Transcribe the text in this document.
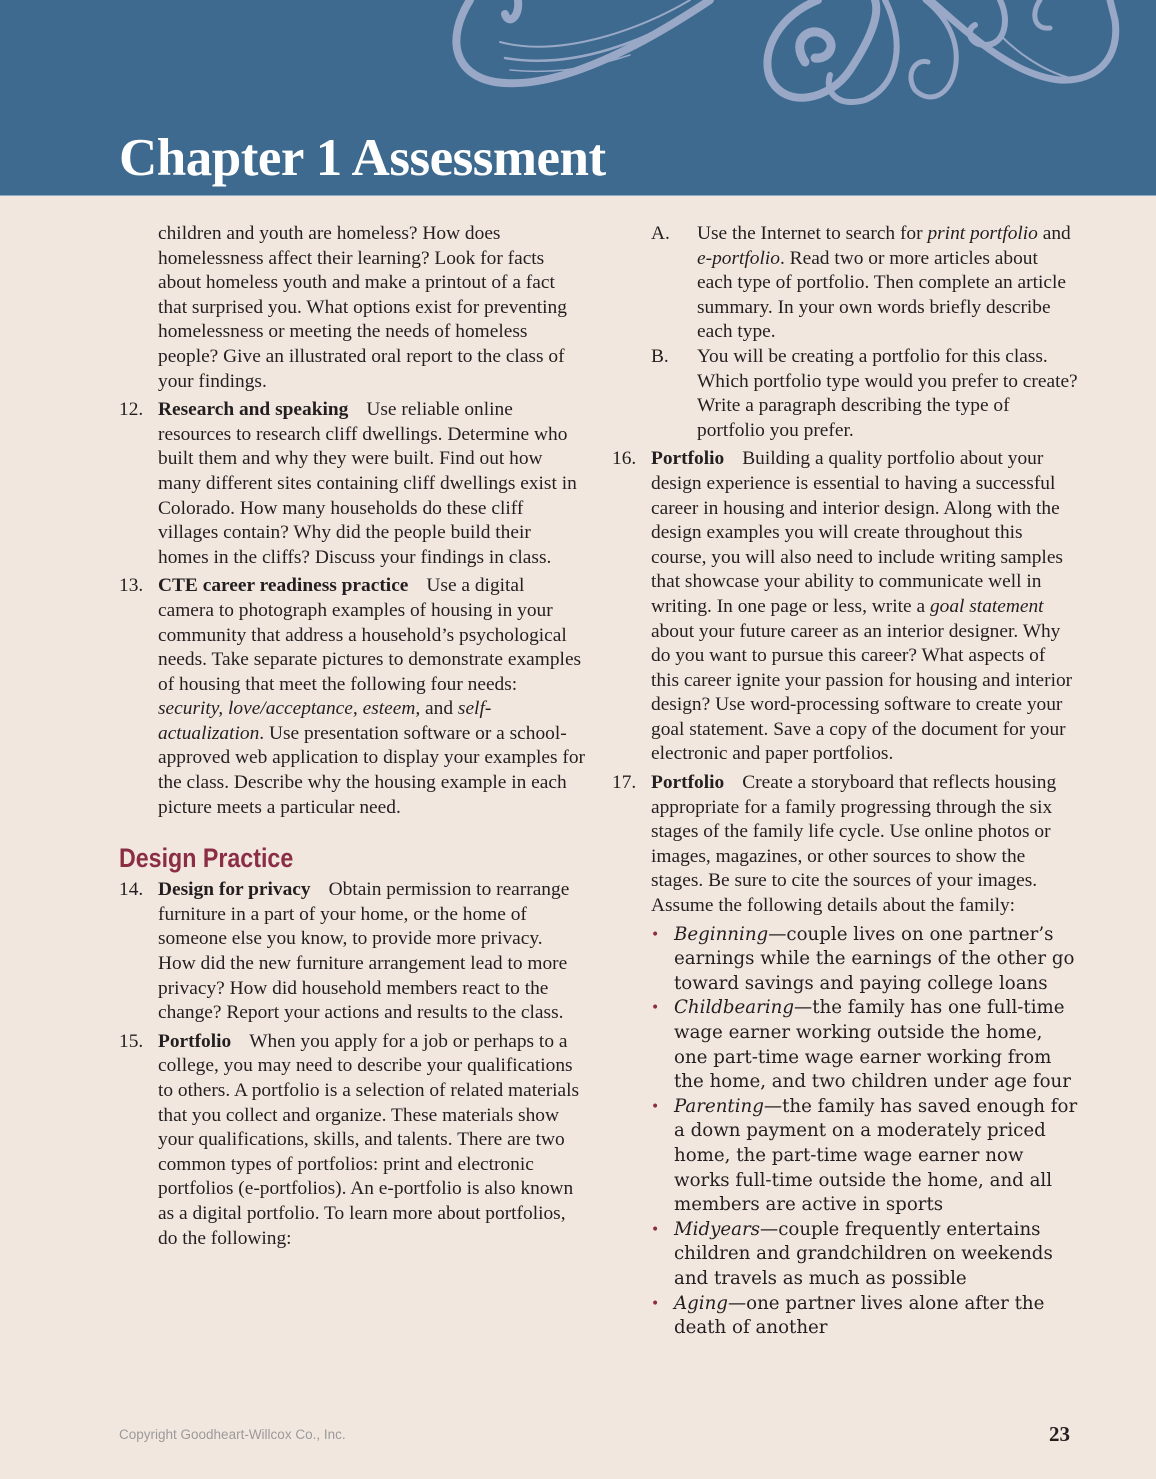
Chapter 1 Assessment
children and youth are homeless? How does homelessness affect their learning? Look for facts about homeless youth and make a printout of a fact that surprised you. What options exist for preventing homelessness or meeting the needs of homeless people? Give an illustrated oral report to the class of your findings.
12. Research and speaking Use reliable online resources to research cliff dwellings. Determine who built them and why they were built. Find out how many different sites containing cliff dwellings exist in Colorado. How many households do these cliff villages contain? Why did the people build their homes in the cliffs? Discuss your findings in class.
13. CTE career readiness practice Use a digital camera to photograph examples of housing in your community that address a household’s psychological needs. Take separate pictures to demonstrate examples of housing that meet the following four needs: security, love/acceptance, esteem, and self-actualization. Use presentation software or a school-approved web application to display your examples for the class. Describe why the housing example in each picture meets a particular need.
Design Practice
14. Design for privacy Obtain permission to rearrange furniture in a part of your home, or the home of someone else you know, to provide more privacy. How did the new furniture arrangement lead to more privacy? How did household members react to the change? Report your actions and results to the class.
15. Portfolio When you apply for a job or perhaps to a college, you may need to describe your qualifications to others. A portfolio is a selection of related materials that you collect and organize. These materials show your qualifications, skills, and talents. There are two common types of portfolios: print and electronic portfolios (e-portfolios). An e-portfolio is also known as a digital portfolio. To learn more about portfolios, do the following:
A. Use the Internet to search for print portfolio and e-portfolio. Read two or more articles about each type of portfolio. Then complete an article summary. In your own words briefly describe each type.
B. You will be creating a portfolio for this class. Which portfolio type would you prefer to create? Write a paragraph describing the type of portfolio you prefer.
16. Portfolio Building a quality portfolio about your design experience is essential to having a successful career in housing and interior design. Along with the design examples you will create throughout this course, you will also need to include writing samples that showcase your ability to communicate well in writing. In one page or less, write a goal statement about your future career as an interior designer. Why do you want to pursue this career? What aspects of this career ignite your passion for housing and interior design? Use word-processing software to create your goal statement. Save a copy of the document for your electronic and paper portfolios.
17. Portfolio Create a storyboard that reflects housing appropriate for a family progressing through the six stages of the family life cycle. Use online photos or images, magazines, or other sources to show the stages. Be sure to cite the sources of your images. Assume the following details about the family:
• Beginning—couple lives on one partner’s earnings while the earnings of the other go toward savings and paying college loans
• Childbearing—the family has one full-time wage earner working outside the home, one part-time wage earner working from the home, and two children under age four
• Parenting—the family has saved enough for a down payment on a moderately priced home, the part-time wage earner now works full-time outside the home, and all members are active in sports
• Midyears—couple frequently entertains children and grandchildren on weekends and travels as much as possible
• Aging—one partner lives alone after the death of another
Copyright Goodheart-Willcox Co., Inc.	23
